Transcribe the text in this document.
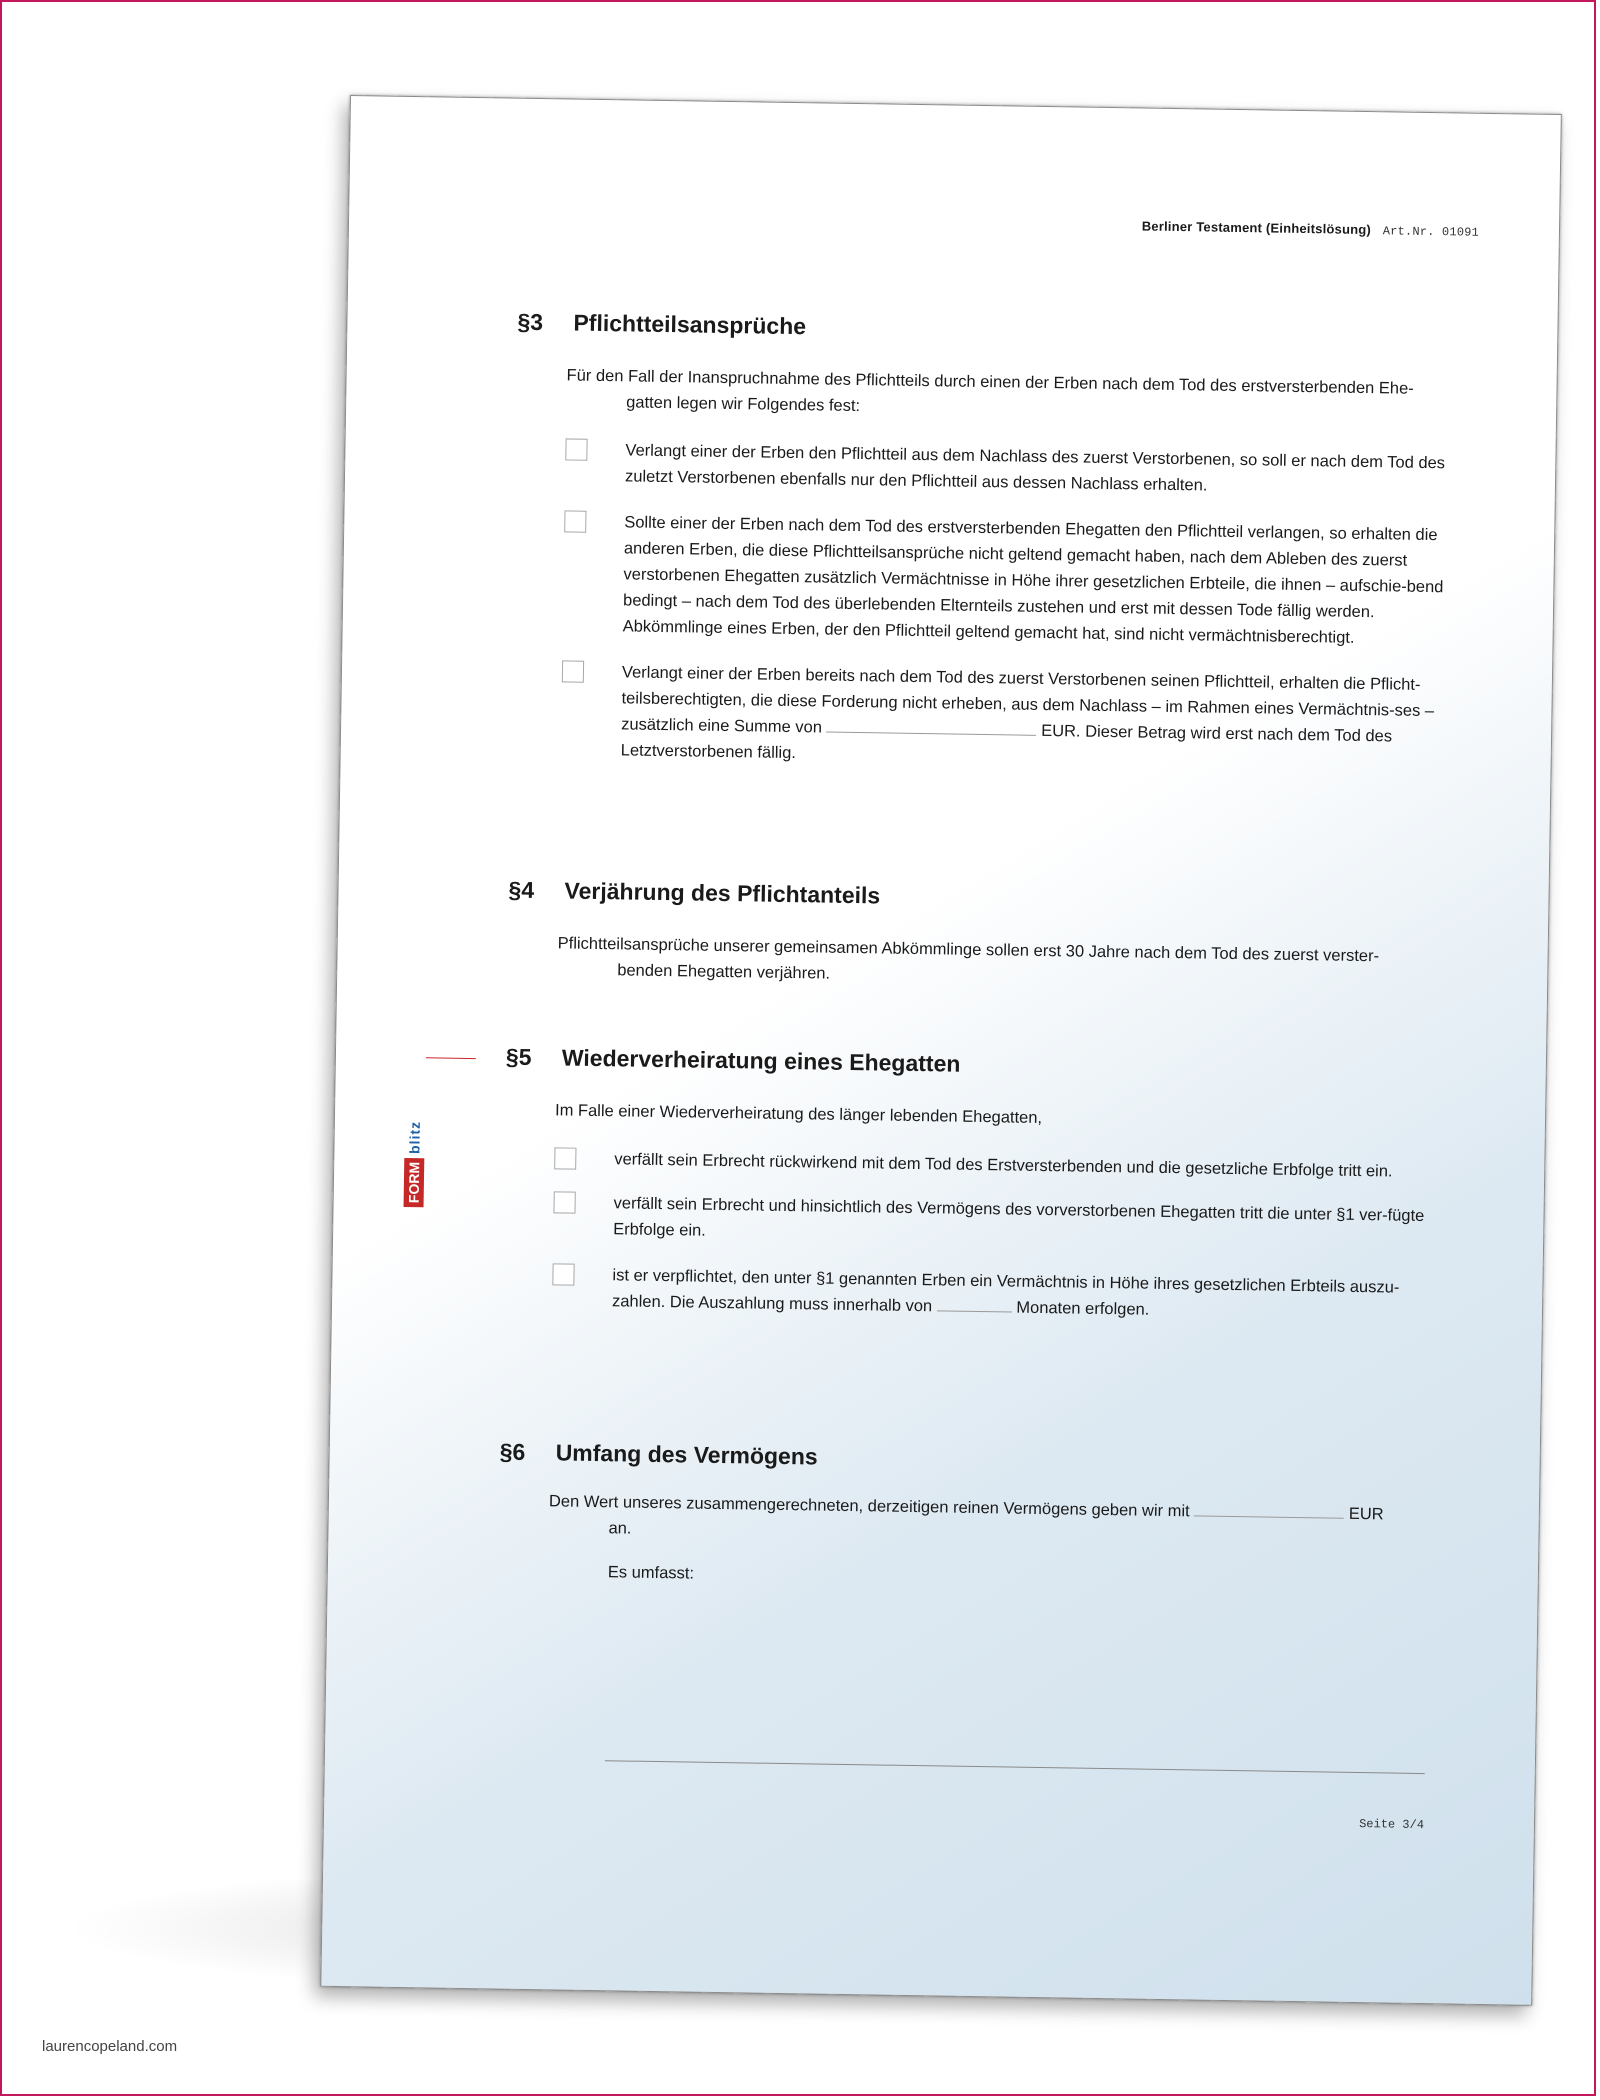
Berliner Testament (Einheitslösung) Art.Nr. 01091
FORM
blitz
§3	Pflichtteilsansprüche

Für den Fall der Inanspruchnahme des Pflichtteils durch einen der Erben nach dem Tod des erstversterbenden Ehe-
gatten legen wir Folgendes fest:

Verlangt einer der Erben den Pflichtteil aus dem Nachlass des zuerst Verstorbenen, so soll er nach dem Tod des zuletzt Verstorbenen ebenfalls nur den Pflichtteil aus dessen Nachlass erhalten.
Sollte einer der Erben nach dem Tod des erstversterbenden Ehegatten den Pflichtteil verlangen, so erhalten die anderen Erben, die diese Pflichtteilsansprüche nicht geltend gemacht haben, nach dem Ableben des zuerst verstorbenen Ehegatten zusätzlich Vermächtnisse in Höhe ihrer gesetzlichen Erbteile, die ihnen – aufschie-bend bedingt – nach dem Tod des überlebenden Elternteils zustehen und erst mit dessen Tode fällig werden. Abkömmlinge eines Erben, der den Pflichtteil geltend gemacht hat, sind nicht vermächtnisberechtigt.
Verlangt einer der Erben bereits nach dem Tod des zuerst Verstorbenen seinen Pflichtteil, erhalten die Pflicht-teilsberechtigten, die diese Forderung nicht erheben, aus dem Nachlass – im Rahmen eines Vermächtnis-ses – zusätzlich eine Summe von	EUR. Dieser Betrag wird erst nach dem Tod des Letztverstorbenen fällig.
§4	Verjährung des Pflichtanteils

Pflichtteilsansprüche unserer gemeinsamen Abkömmlinge sollen erst 30 Jahre nach dem Tod des zuerst verster-
benden Ehegatten verjähren.

§5	Wiederverheiratung eines Ehegatten

Im Falle einer Wiederverheiratung des länger lebenden Ehegatten,

verfällt sein Erbrecht rückwirkend mit dem Tod des Erstversterbenden und die gesetzliche Erbfolge tritt ein.
verfällt sein Erbrecht und hinsichtlich des Vermögens des vorverstorbenen Ehegatten tritt die unter §1 ver-fügte Erbfolge ein.
ist er verpflichtet, den unter §1 genannten Erben ein Vermächtnis in Höhe ihres gesetzlichen Erbteils auszu-zahlen. Die Auszahlung muss innerhalb von	Monaten erfolgen.
§6	Umfang des Vermögens

Den Wert unseres zusammengerechneten, derzeitigen reinen Vermögens geben wir mit	EUR
an.

Es umfasst:

Seite 3/4
laurencopeland.com
